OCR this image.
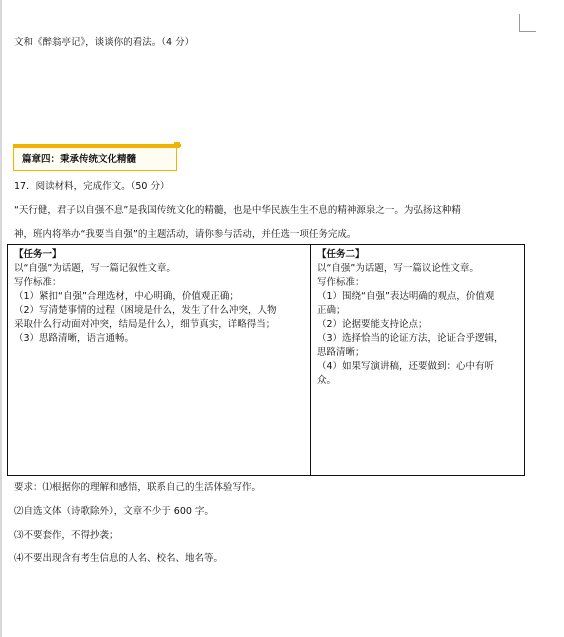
文和《醉翁亭记》，谈谈你的看法。（4 分）
篇章四：秉承传统文化精髓
17．阅读材料，完成作文。（50 分）
“天行健，君子以自强不息”是我国传统文化的精髓，也是中华民族生生不息的精神源泉之一。为弘扬这种精
神，班内将举办“我要当自强”的主题活动，请你参与活动，并任选一项任务完成。
【任务一】
以“自强”为话题，写一篇记叙性文章。
写作标准：
（1）紧扣“自强”合理选材，中心明确，价值观正确；
（2）写清楚事情的过程（困境是什么，发生了什么冲突，人物
采取什么行动面对冲突，结局是什么），细节真实，详略得当；
（3）思路清晰，语言通畅。
【任务二】
以“自强”为话题，写一篇议论性文章。
写作标准：
（1）围绕“自强”表达明确的观点，价值观
正确；
（2）论据要能支持论点；
（3）选择恰当的论证方法，论证合乎逻辑，
思路清晰；
（4）如果写演讲稿，还要做到：心中有听
众。
要求：⑴根据你的理解和感悟，联系自己的生活体验写作。
⑵自选文体（诗歌除外），文章不少于 600 字。
⑶不要套作，不得抄袭；
⑷不要出现含有考生信息的人名、校名、地名等。
